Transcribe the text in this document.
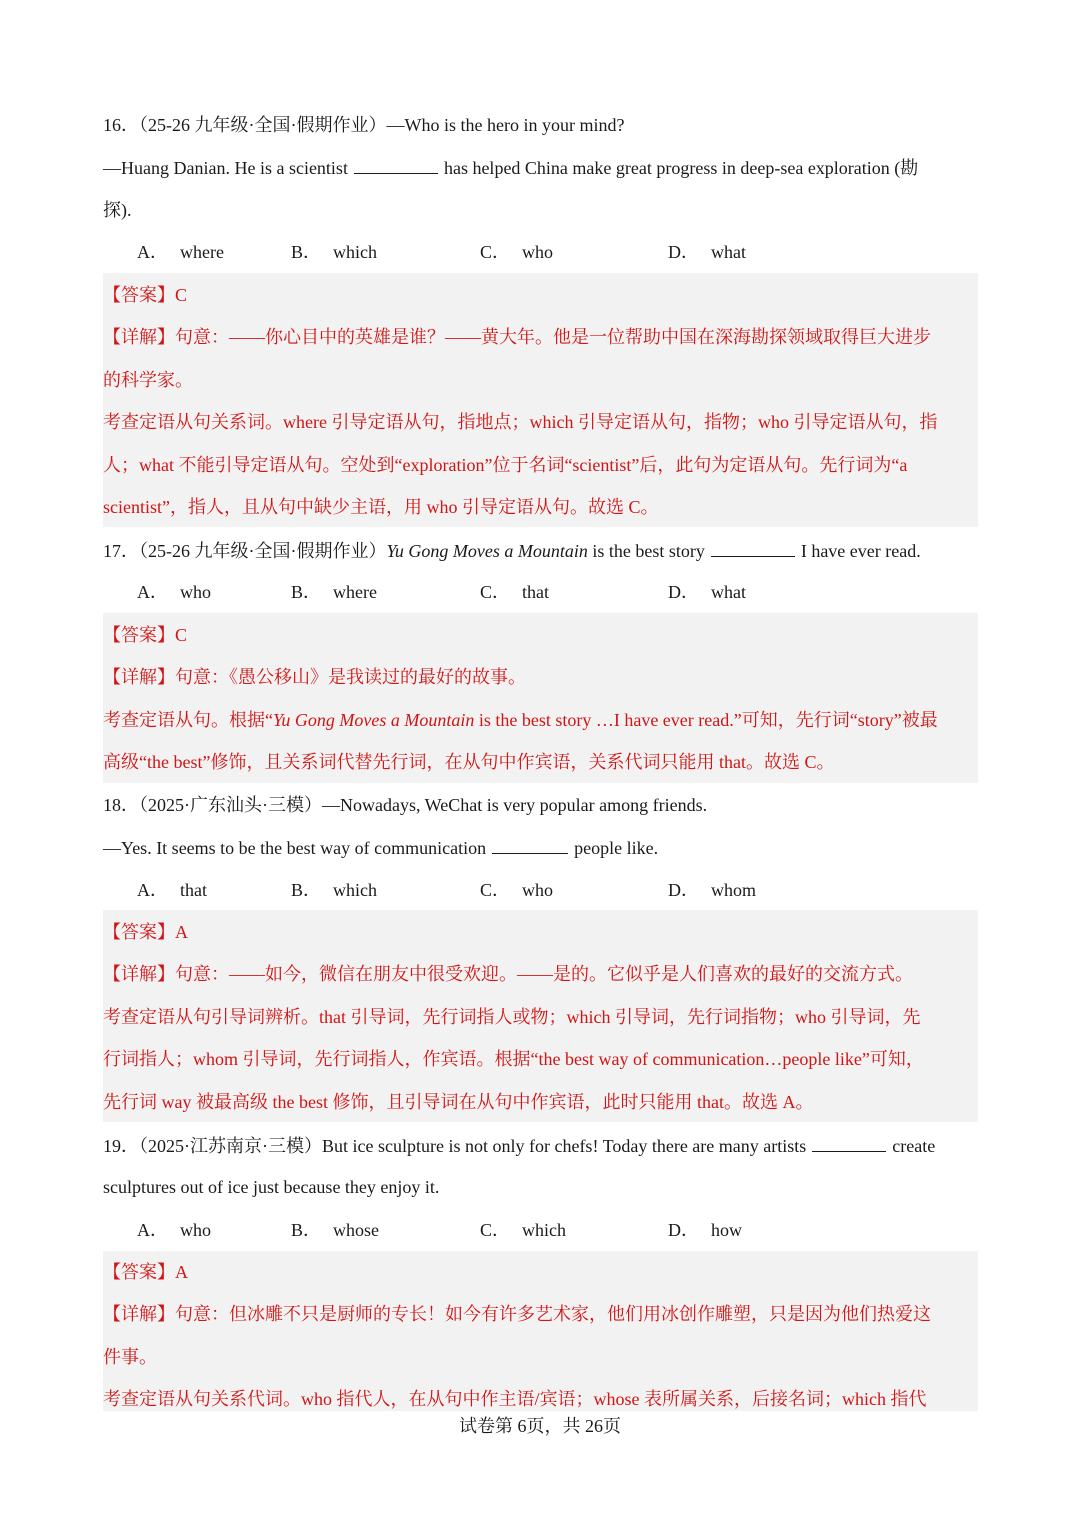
16．（25-26 九年级·全国·假期作业）—Who is the hero in your mind?
—Huang Danian. He is a scientist	has helped China make great progress in deep-sea exploration (勘
探).
A． where	B． which	C． who	D． what
【答案】C
【详解】句意：——你心目中的英雄是谁？——黄大年。他是一位帮助中国在深海勘探领域取得巨大进步
的科学家。
考查定语从句关系词。where 引导定语从句，指地点；which 引导定语从句，指物；who 引导定语从句，指
人；what 不能引导定语从句。空处到“exploration”位于名词“scientist”后，此句为定语从句。先行词为“a
scientist”，指人，且从句中缺少主语，用 who 引导定语从句。故选 C。
17．（25-26 九年级·全国·假期作业）Yu Gong Moves a Mountain is the best story	I have ever read.
A． who	B． where	C． that	D． what
【答案】C
【详解】句意：《愚公移山》是我读过的最好的故事。
考查定语从句。根据“Yu Gong Moves a Mountain is the best story …I have ever read.”可知，先行词“story”被最
高级“the best”修饰，且关系词代替先行词，在从句中作宾语，关系代词只能用 that。故选 C。
18．（2025·广东汕头·三模）—Nowadays, WeChat is very popular among friends.
—Yes. It seems to be the best way of communication	people like.
A． that	B． which	C． who	D． whom
【答案】A
【详解】句意：——如今，微信在朋友中很受欢迎。——是的。它似乎是人们喜欢的最好的交流方式。
考查定语从句引导词辨析。that 引导词，先行词指人或物；which 引导词，先行词指物；who 引导词，先
行词指人；whom 引导词，先行词指人，作宾语。根据“the best way of communication…people like”可知，
先行词 way 被最高级 the best 修饰，且引导词在从句中作宾语，此时只能用 that。故选 A。
19．（2025·江苏南京·三模）But ice sculpture is not only for chefs! Today there are many artists	create
sculptures out of ice just because they enjoy it.
A． who	B． whose	C． which	D． how
【答案】A
【详解】句意：但冰雕不只是厨师的专长！如今有许多艺术家，他们用冰创作雕塑，只是因为他们热爱这
件事。
考查定语从句关系代词。who 指代人，在从句中作主语/宾语；whose 表所属关系，后接名词；which 指代
试卷第 6页，共 26页
